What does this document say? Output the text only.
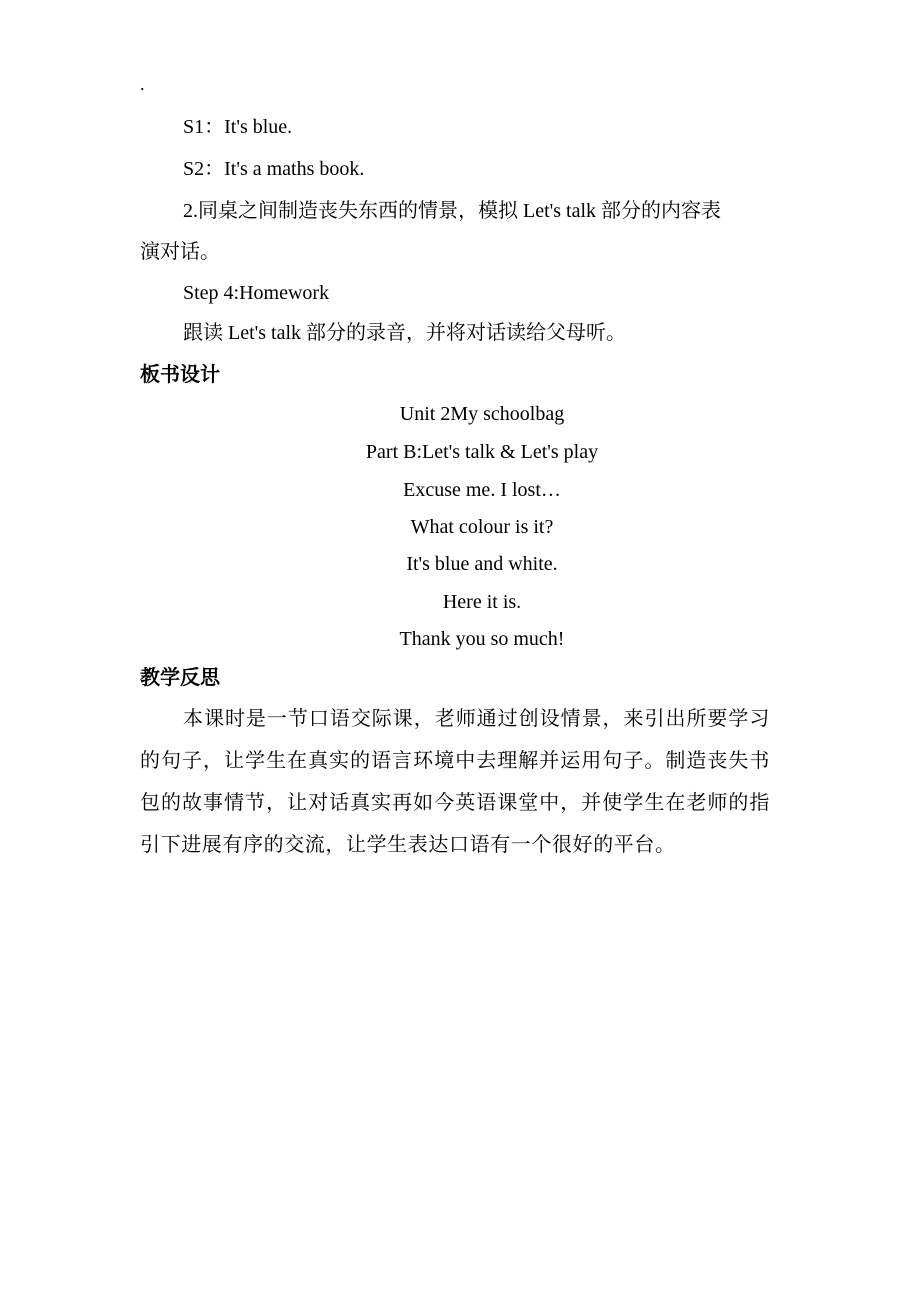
.
S1：It's blue.
S2：It's a maths book.
2.同桌之间制造丧失东西的情景，模拟 Let's talk 部分的内容表
演对话。
Step 4:Homework
跟读 Let's talk 部分的录音，并将对话读给父母听。
板书设计
Unit 2My schoolbag
Part B:Let's talk & Let's play
Excuse me. I lost…
What colour is it?
It's blue and white.
Here it is.
Thank you so much!
教学反思
本课时是一节口语交际课，老师通过创设情景，来引出所要学习的句子，让学生在真实的语言环境中去理解并运用句子。制造丧失书包的故事情节，让对话真实再如今英语课堂中，并使学生在老师的指引下进展有序的交流，让学生表达口语有一个很好的平台。
